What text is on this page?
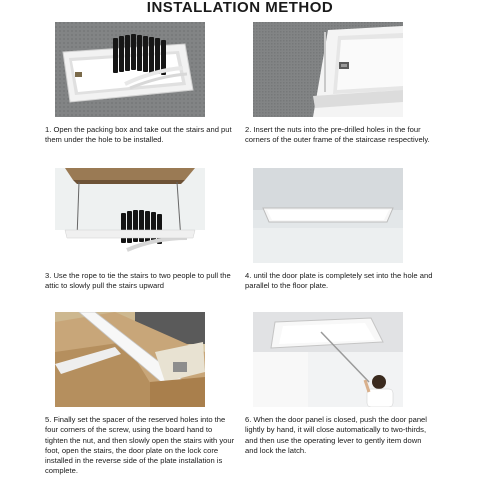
INSTALLATION METHOD
1. Open the packing box and take out the stairs and put them under the hole to be installed.
2. Insert the nuts into the pre-drilled holes in the four corners of the outer frame of the staircase respectively.
3. Use the rope to tie the stairs to two people to pull the attic to slowly pull the stairs upward
4. until the door plate is completely set into the hole and parallel to the floor plate.
5. Finally set the spacer of the reserved holes into the four corners of the screw, using the board hand to tighten the nut, and then slowly open the stairs with your foot, open the stairs, the door plate on the lock core installed in the reverse side of the plate installation is complete.
6. When the door panel is closed, push the door panel lightly by hand, it will close automatically to two-thirds, and then use the operating lever to gently item down and lock the latch.
